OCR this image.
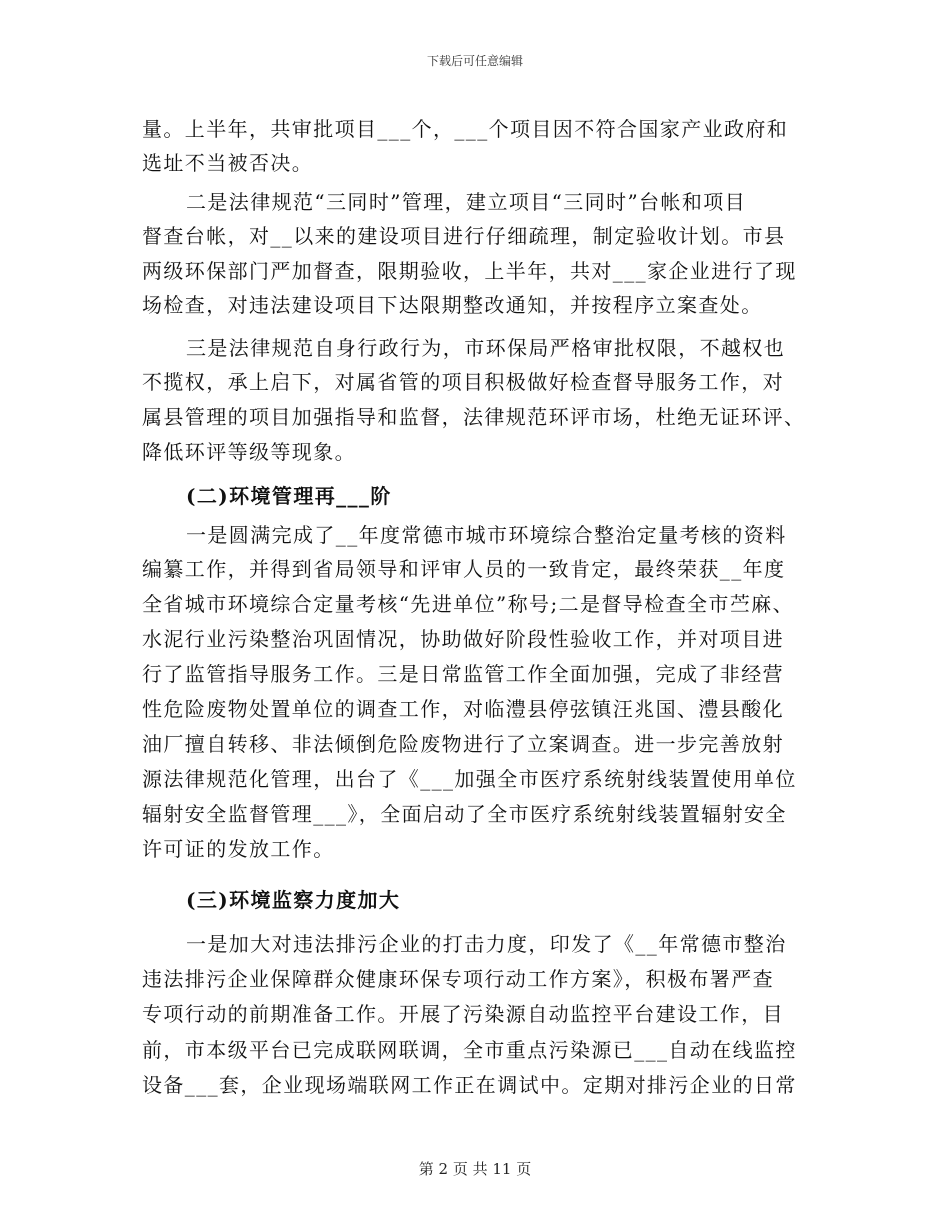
下载后可任意编辑
量。上半年，共审批项目___个，___个项目因不符合国家产业政府和
选址不当被否决。
二是法律规范“三同时”管理，建立项目“三同时”台帐和项目
督查台帐，对__以来的建设项目进行仔细疏理，制定验收计划。市县
两级环保部门严加督查，限期验收，上半年，共对___家企业进行了现
场检查，对违法建设项目下达限期整改通知，并按程序立案查处。
三是法律规范自身行政行为，市环保局严格审批权限，不越权也
不揽权，承上启下，对属省管的项目积极做好检查督导服务工作，对
属县管理的项目加强指导和监督，法律规范环评市场，杜绝无证环评、
降低环评等级等现象。
(二)环境管理再___阶
一是圆满完成了__年度常德市城市环境综合整治定量考核的资料
编纂工作，并得到省局领导和评审人员的一致肯定，最终荣获__年度
全省城市环境综合定量考核“先进单位”称号;二是督导检查全市苎麻、
水泥行业污染整治巩固情况，协助做好阶段性验收工作，并对项目进
行了监管指导服务工作。三是日常监管工作全面加强，完成了非经营
性危险废物处置单位的调查工作，对临澧县停弦镇汪兆国、澧县酸化
油厂擅自转移、非法倾倒危险废物进行了立案调查。进一步完善放射
源法律规范化管理，出台了《___加强全市医疗系统射线装置使用单位
辐射安全监督管理___》，全面启动了全市医疗系统射线装置辐射安全
许可证的发放工作。
(三)环境监察力度加大
一是加大对违法排污企业的打击力度，印发了《__年常德市整治
违法排污企业保障群众健康环保专项行动工作方案》，积极布署严查
专项行动的前期准备工作。开展了污染源自动监控平台建设工作，目
前，市本级平台已完成联网联调，全市重点污染源已___自动在线监控
设备___套，企业现场端联网工作正在调试中。定期对排污企业的日常
第 2 页 共 11 页
